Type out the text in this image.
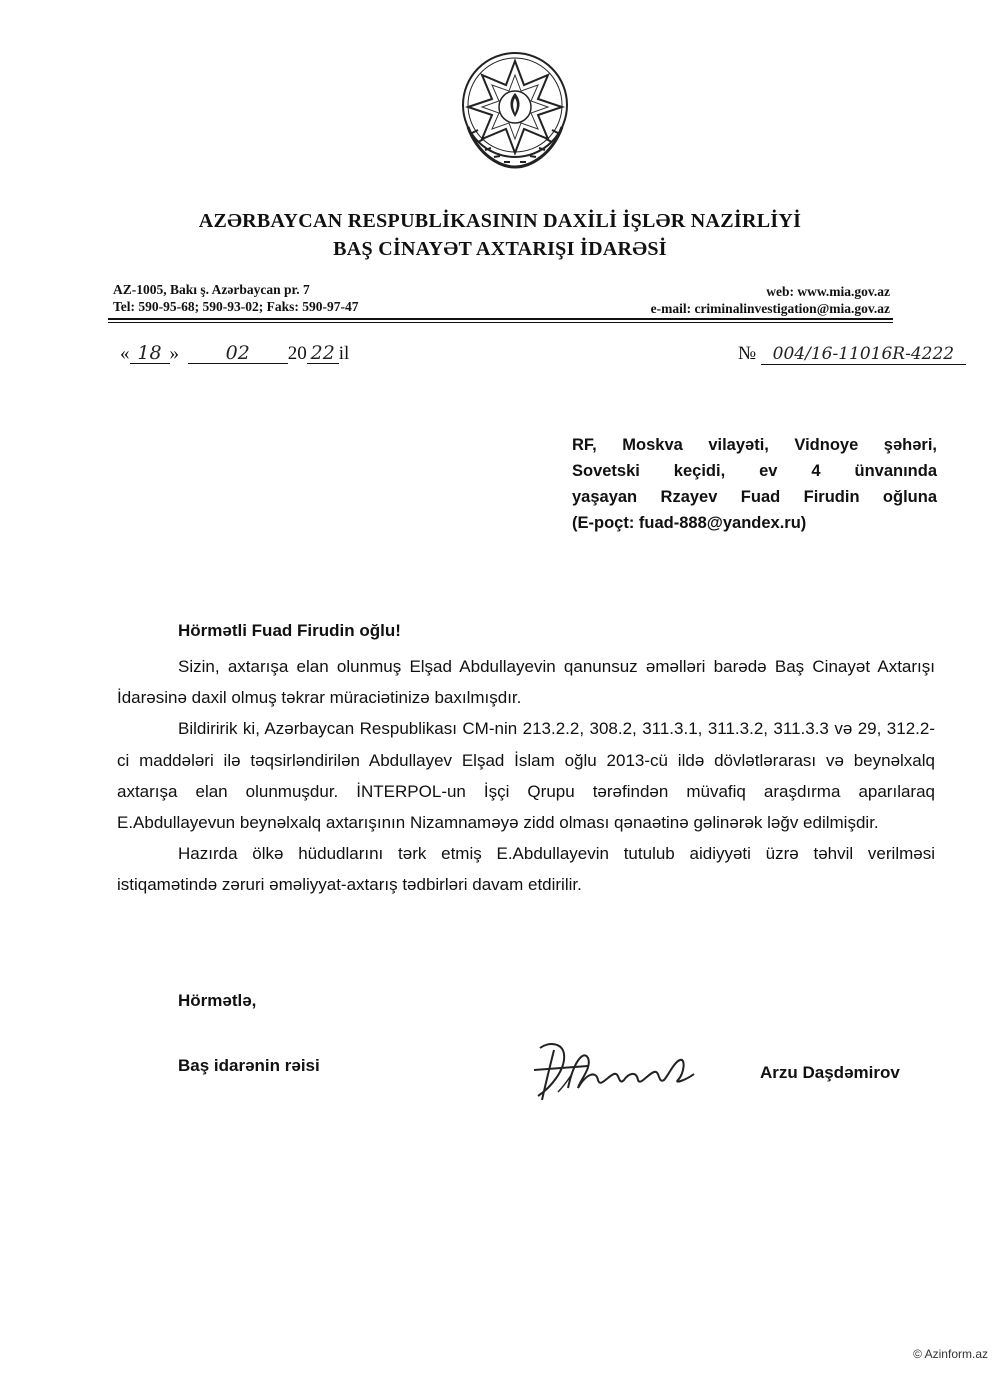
AZƏRBAYCAN RESPUBLİKASININ DAXİLİ İŞLƏR NAZİRLİYİ
BAŞ CİNAYƏT AXTARIŞI İDARƏSİ
AZ-1005, Bakı ş. Azərbaycan pr. 7
Tel: 590-95-68; 590-93-02; Faks: 590-97-47
web: www.mia.gov.az
e-mail: criminalinvestigation@mia.gov.az
« 18 » 02 20 22 il	№ 004/16-11016R-4222
RF, Moskva vilayəti, Vidnoye şəhəri,
Sovetski keçidi, ev 4 ünvanında
yaşayan Rzayev Fuad Firudin oğluna
(E-poçt: fuad-888@yandex.ru)
Hörmətli Fuad Firudin oğlu!

Sizin, axtarışa elan olunmuş Elşad Abdullayevin qanunsuz əməlləri barədə Baş Cinayət Axtarışı İdarəsinə daxil olmuş təkrar müraciətinizə baxılmışdır.

Bildiririk ki, Azərbaycan Respublikası CM-nin 213.2.2, 308.2, 311.3.1, 311.3.2, 311.3.3 və 29, 312.2-ci maddələri ilə təqsirləndirilən Abdullayev Elşad İslam oğlu 2013-cü ildə dövlətlərarası və beynəlxalq axtarışa elan olunmuşdur. İNTERPOL-un İşçi Qrupu tərəfindən müvafiq araşdırma aparılaraq E.Abdullayevun beynəlxalq axtarışının Nizamnaməyə zidd olması qənaətinə gəlinərək ləğv edilmişdir.

Hazırda ölkə hüdudlarını tərk etmiş E.Abdullayevin tutulub aidiyyəti üzrə təhvil verilməsi istiqamətində zəruri əməliyyat-axtarış tədbirləri davam etdirilir.

Hörmətlə,
Baş idarənin rəisi	Arzu Daşdəmirov
© Azinform.az
